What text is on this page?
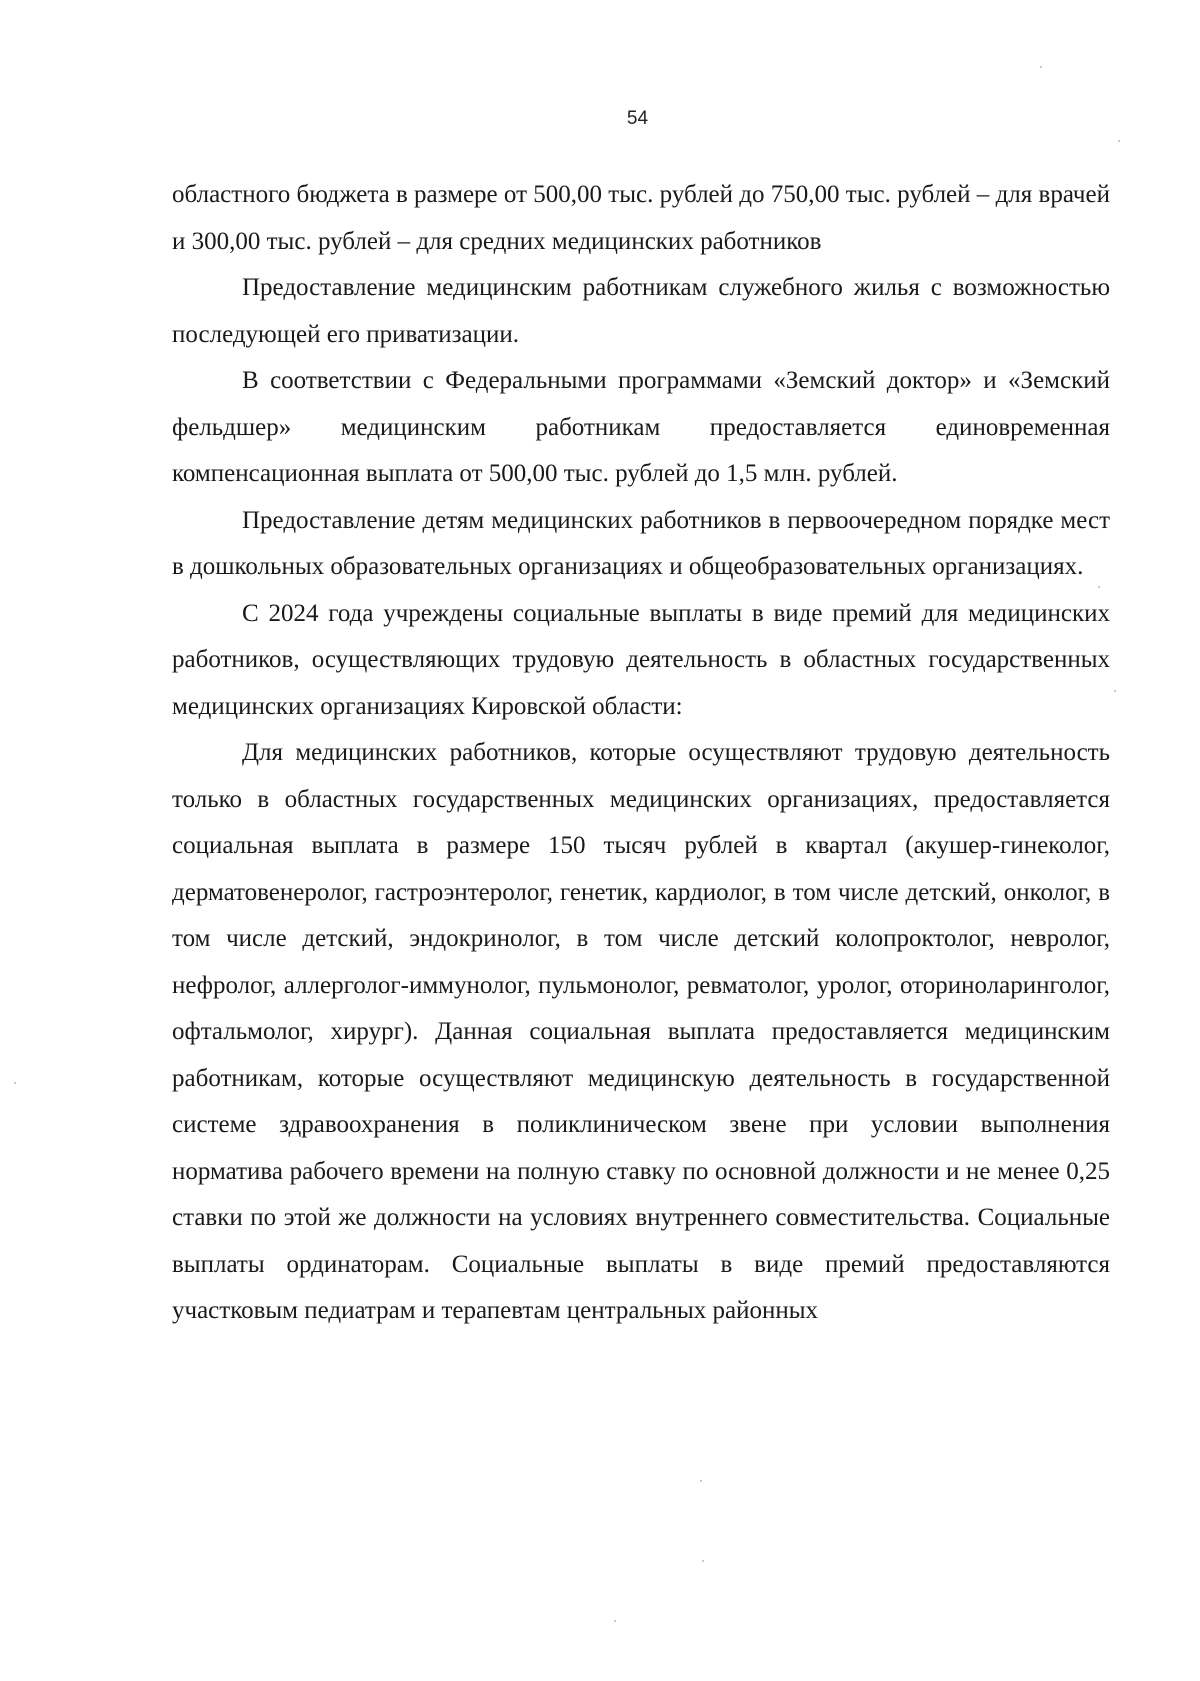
54

областного бюджета в размере от 500,00 тыс. рублей до 750,00 тыс. рублей – для врачей и 300,00 тыс. рублей – для средних медицинских работников

Предоставление медицинским работникам служебного жилья с возможностью последующей его приватизации.

В соответствии с Федеральными программами «Земский доктор» и «Земский фельдшер» медицинским работникам предоставляется единовременная компенсационная выплата от 500,00 тыс. рублей до 1,5 млн. рублей.

Предоставление детям медицинских работников в первоочередном порядке мест в дошкольных образовательных организациях и общеобразовательных организациях.

С 2024 года учреждены социальные выплаты в виде премий для медицинских работников, осуществляющих трудовую деятельность в областных государственных медицинских организациях Кировской области:

Для медицинских работников, которые осуществляют трудовую деятельность только в областных государственных медицинских организациях, предоставляется социальная выплата в размере 150 тысяч рублей в квартал (акушер-гинеколог, дерматовенеролог, гастроэнтеролог, генетик, кардиолог, в том числе детский, онколог, в том числе детский, эндокринолог, в том числе детский колопроктолог, невролог, нефролог, аллерголог-иммунолог, пульмонолог, ревматолог, уролог, оториноларинголог, офтальмолог, хирург). Данная социальная выплата предоставляется медицинским работникам, которые осуществляют медицинскую деятельность в государственной системе здравоохранения в поликлиническом звене при условии выполнения норматива рабочего времени на полную ставку по основной должности и не менее 0,25 ставки по этой же должности на условиях внутреннего совместительства. Социальные выплаты ординаторам. Социальные выплаты в виде премий предоставляются участковым педиатрам и терапевтам центральных районных
